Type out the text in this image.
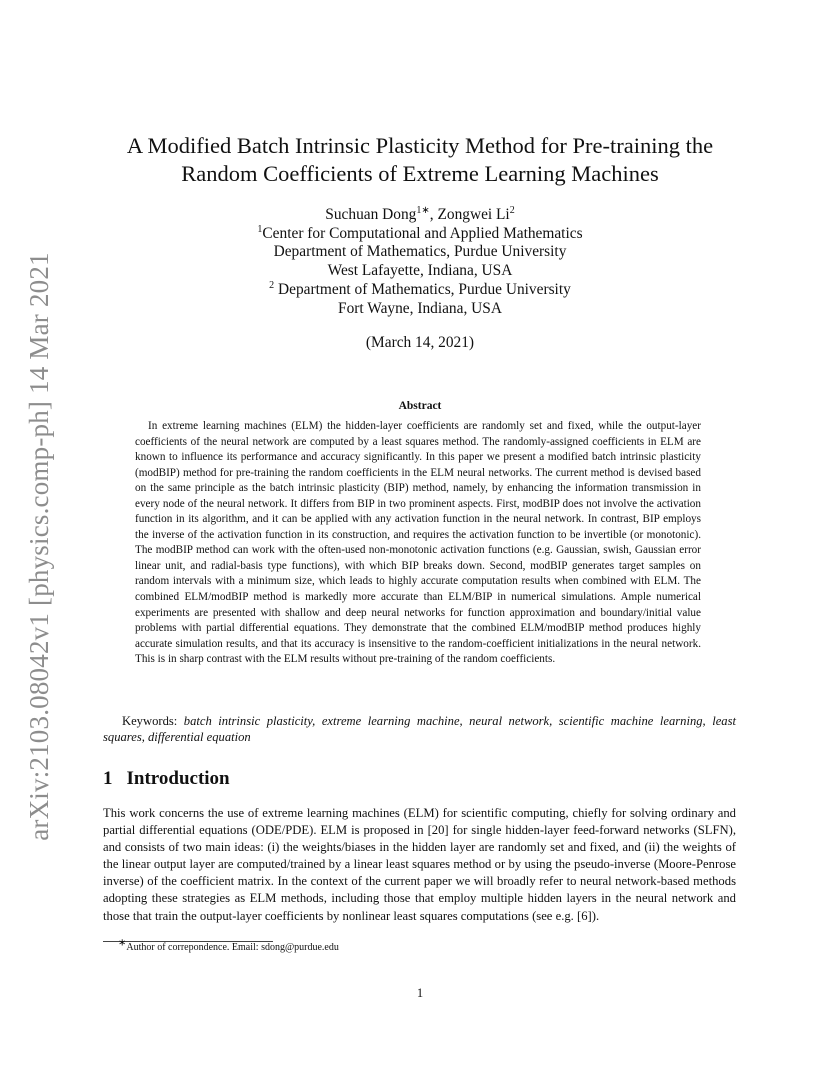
arXiv:2103.08042v1 [physics.comp-ph] 14 Mar 2021
A Modified Batch Intrinsic Plasticity Method for Pre-training the
Random Coefficients of Extreme Learning Machines
Suchuan Dong$^{1∗}$, Zongwei Li$^2$
$^1$Center for Computational and Applied Mathematics
Department of Mathematics, Purdue University
West Lafayette, Indiana, USA
$^2$ Department of Mathematics, Purdue University
Fort Wayne, Indiana, USA
(March 14, 2021)
Abstract
In extreme learning machines (ELM) the hidden-layer coefficients are randomly set and fixed, while the output-layer coefficients of the neural network are computed by a least squares method. The randomly-assigned coefficients in ELM are known to influence its performance and accuracy significantly. In this paper we present a modified batch intrinsic plasticity (modBIP) method for pre-training the random coefficients in the ELM neural networks. The current method is devised based on the same principle as the batch intrinsic plasticity (BIP) method, namely, by enhancing the information transmission in every node of the neural network. It differs from BIP in two prominent aspects. First, modBIP does not involve the activation function in its algorithm, and it can be applied with any activation function in the neural network. In contrast, BIP employs the inverse of the activation function in its construction, and requires the activation function to be invertible (or monotonic). The modBIP method can work with the often-used non-monotonic activation functions (e.g. Gaussian, swish, Gaussian error linear unit, and radial-basis type functions), with which BIP breaks down. Second, modBIP generates target samples on random intervals with a minimum size, which leads to highly accurate computation results when combined with ELM. The combined ELM/modBIP method is markedly more accurate than ELM/BIP in numerical simulations. Ample numerical experiments are presented with shallow and deep neural networks for function approximation and boundary/initial value problems with partial differential equations. They demonstrate that the combined ELM/modBIP method produces highly accurate simulation results, and that its accuracy is insensitive to the random-coefficient initializations in the neural network. This is in sharp contrast with the ELM results without pre-training of the random coefficients.
Keywords: batch intrinsic plasticity, extreme learning machine, neural network, scientific machine learning, least squares, differential equation
1 Introduction
This work concerns the use of extreme learning machines (ELM) for scientific computing, chiefly for solving ordinary and partial differential equations (ODE/PDE). ELM is proposed in [20] for single hidden-layer feed-forward networks (SLFN), and consists of two main ideas: (i) the weights/biases in the hidden layer are randomly set and fixed, and (ii) the weights of the linear output layer are computed/trained by a linear least squares method or by using the pseudo-inverse (Moore-Penrose inverse) of the coefficient matrix. In the context of the current paper we will broadly refer to neural network-based methods adopting these strategies as ELM methods, including those that employ multiple hidden layers in the neural network and those that train the output-layer coefficients by nonlinear least squares computations (see e.g. [6]).
∗Author of correpondence. Email: sdong@purdue.edu
1
